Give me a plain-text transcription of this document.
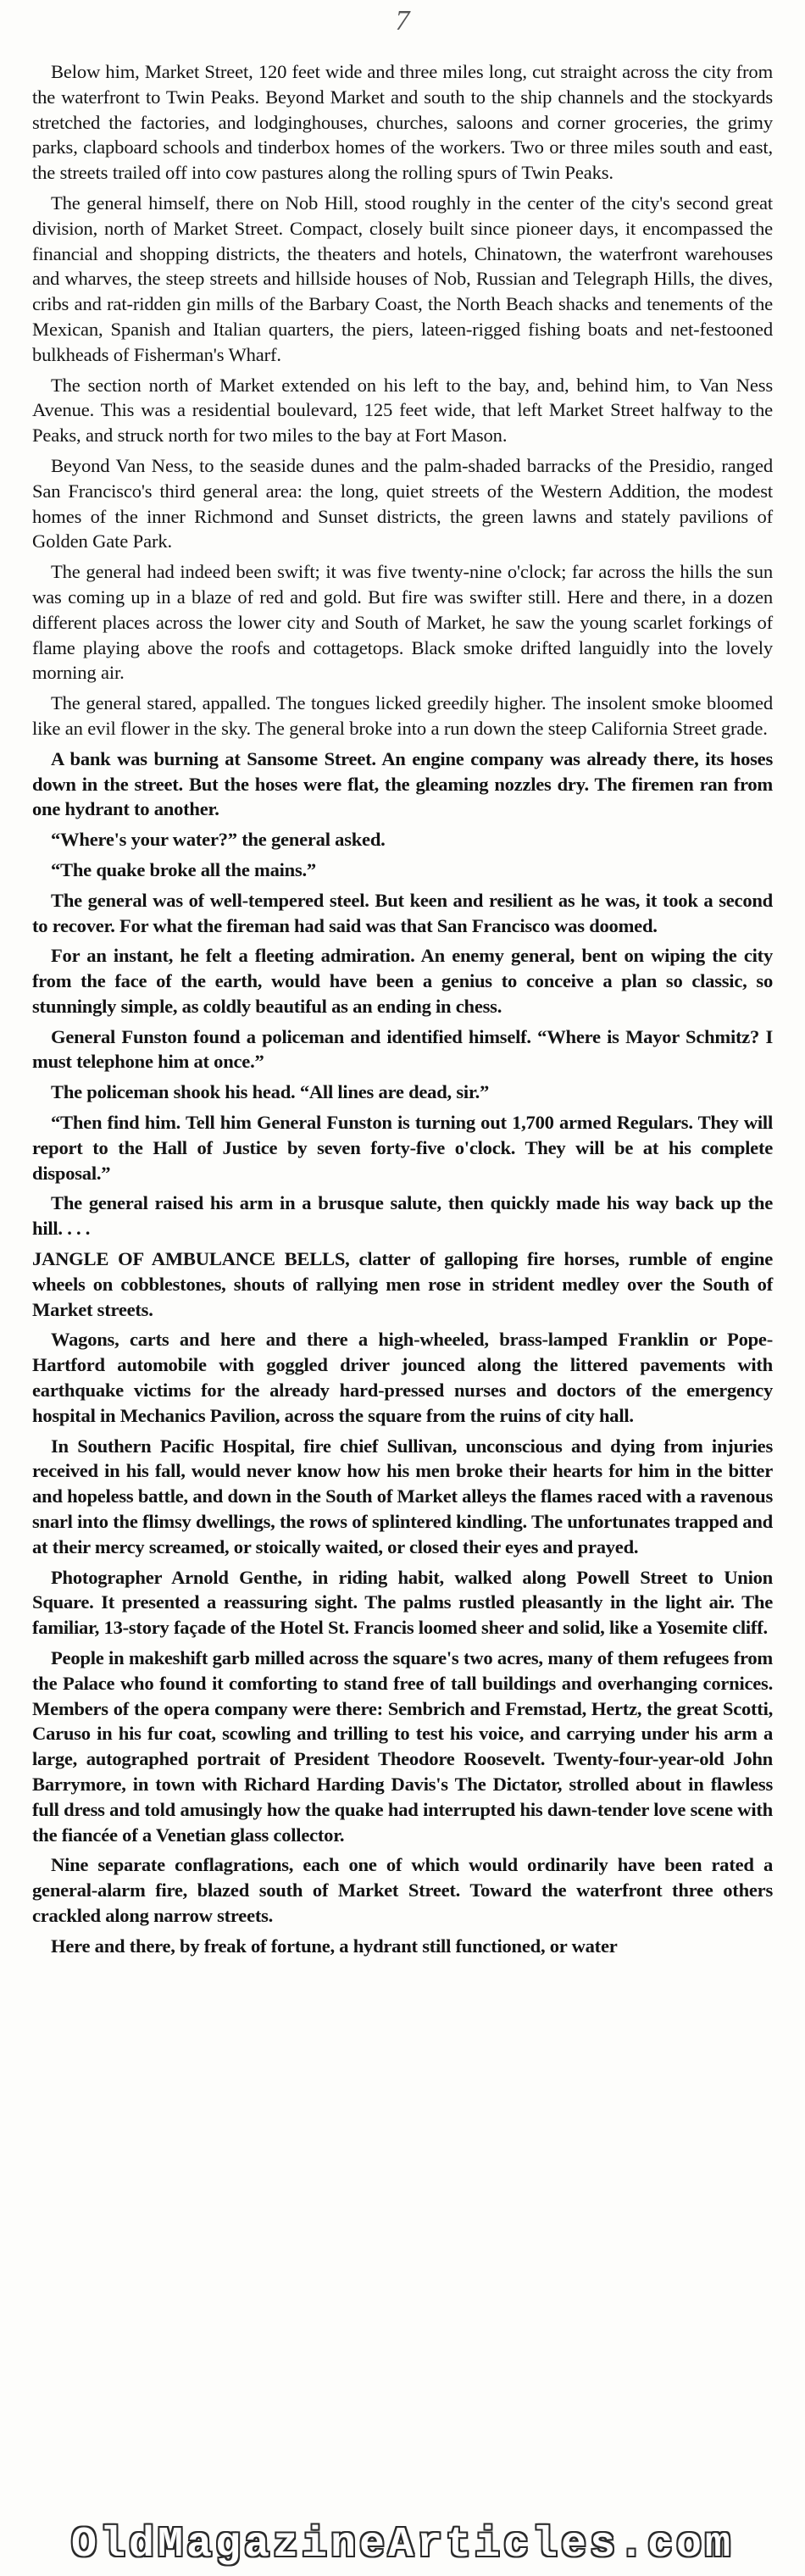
7

Below him, Market Street, 120 feet wide and three miles long, cut straight across the city from the waterfront to Twin Peaks. Beyond Market and south to the ship channels and the stockyards stretched the factories, and lodginghouses, churches, saloons and corner groceries, the grimy parks, clapboard schools and tinderbox homes of the workers. Two or three miles south and east, the streets trailed off into cow pastures along the rolling spurs of Twin Peaks.

The general himself, there on Nob Hill, stood roughly in the center of the city's second great division, north of Market Street. Compact, closely built since pioneer days, it encompassed the financial and shopping districts, the theaters and hotels, Chinatown, the waterfront warehouses and wharves, the steep streets and hillside houses of Nob, Russian and Telegraph Hills, the dives, cribs and rat-ridden gin mills of the Barbary Coast, the North Beach shacks and tenements of the Mexican, Spanish and Italian quarters, the piers, lateen-rigged fishing boats and net-festooned bulkheads of Fisherman's Wharf.

The section north of Market extended on his left to the bay, and, behind him, to Van Ness Avenue. This was a residential boulevard, 125 feet wide, that left Market Street halfway to the Peaks, and struck north for two miles to the bay at Fort Mason.

Beyond Van Ness, to the seaside dunes and the palm-shaded barracks of the Presidio, ranged San Francisco's third general area: the long, quiet streets of the Western Addition, the modest homes of the inner Richmond and Sunset districts, the green lawns and stately pavilions of Golden Gate Park.

The general had indeed been swift; it was five twenty-nine o'clock; far across the hills the sun was coming up in a blaze of red and gold. But fire was swifter still. Here and there, in a dozen different places across the lower city and South of Market, he saw the young scarlet forkings of flame playing above the roofs and cottagetops. Black smoke drifted languidly into the lovely morning air.

The general stared, appalled. The tongues licked greedily higher. The insolent smoke bloomed like an evil flower in the sky. The general broke into a run down the steep California Street grade.

A bank was burning at Sansome Street. An engine company was already there, its hoses down in the street. But the hoses were flat, the gleaming nozzles dry. The firemen ran from one hydrant to another.

“Where's your water?” the general asked.

“The quake broke all the mains.”

The general was of well-tempered steel. But keen and resilient as he was, it took a second to recover. For what the fireman had said was that San Francisco was doomed.

For an instant, he felt a fleeting admiration. An enemy general, bent on wiping the city from the face of the earth, would have been a genius to conceive a plan so classic, so stunningly simple, as coldly beautiful as an ending in chess.

General Funston found a policeman and identified himself. “Where is Mayor Schmitz? I must telephone him at once.”

The policeman shook his head. “All lines are dead, sir.”

“Then find him. Tell him General Funston is turning out 1,700 armed Regulars. They will report to the Hall of Justice by seven forty-five o'clock. They will be at his complete disposal.”

The general raised his arm in a brusque salute, then quickly made his way back up the hill. . . .

JANGLE OF AMBULANCE BELLS, clatter of galloping fire horses, rumble of engine wheels on cobblestones, shouts of rallying men rose in strident medley over the South of Market streets.

Wagons, carts and here and there a high-wheeled, brass-lamped Franklin or Pope-Hartford automobile with goggled driver jounced along the littered pavements with earthquake victims for the already hard-pressed nurses and doctors of the emergency hospital in Mechanics Pavilion, across the square from the ruins of city hall.

In Southern Pacific Hospital, fire chief Sullivan, unconscious and dying from injuries received in his fall, would never know how his men broke their hearts for him in the bitter and hopeless battle, and down in the South of Market alleys the flames raced with a ravenous snarl into the flimsy dwellings, the rows of splintered kindling. The unfortunates trapped and at their mercy screamed, or stoically waited, or closed their eyes and prayed.

Photographer Arnold Genthe, in riding habit, walked along Powell Street to Union Square. It presented a reassuring sight. The palms rustled pleasantly in the light air. The familiar, 13-story façade of the Hotel St. Francis loomed sheer and solid, like a Yosemite cliff.

People in makeshift garb milled across the square's two acres, many of them refugees from the Palace who found it comforting to stand free of tall buildings and overhanging cornices. Members of the opera company were there: Sembrich and Fremstad, Hertz, the great Scotti, Caruso in his fur coat, scowling and trilling to test his voice, and carrying under his arm a large, autographed portrait of President Theodore Roosevelt. Twenty-four-year-old John Barrymore, in town with Richard Harding Davis's The Dictator, strolled about in flawless full dress and told amusingly how the quake had interrupted his dawn-tender love scene with the fiancée of a Venetian glass collector.

Nine separate conflagrations, each one of which would ordinarily have been rated a general-alarm fire, blazed south of Market Street. Toward the waterfront three others crackled along narrow streets.

Here and there, by freak of fortune, a hydrant still functioned, or water

OldMagazineArticles.com
